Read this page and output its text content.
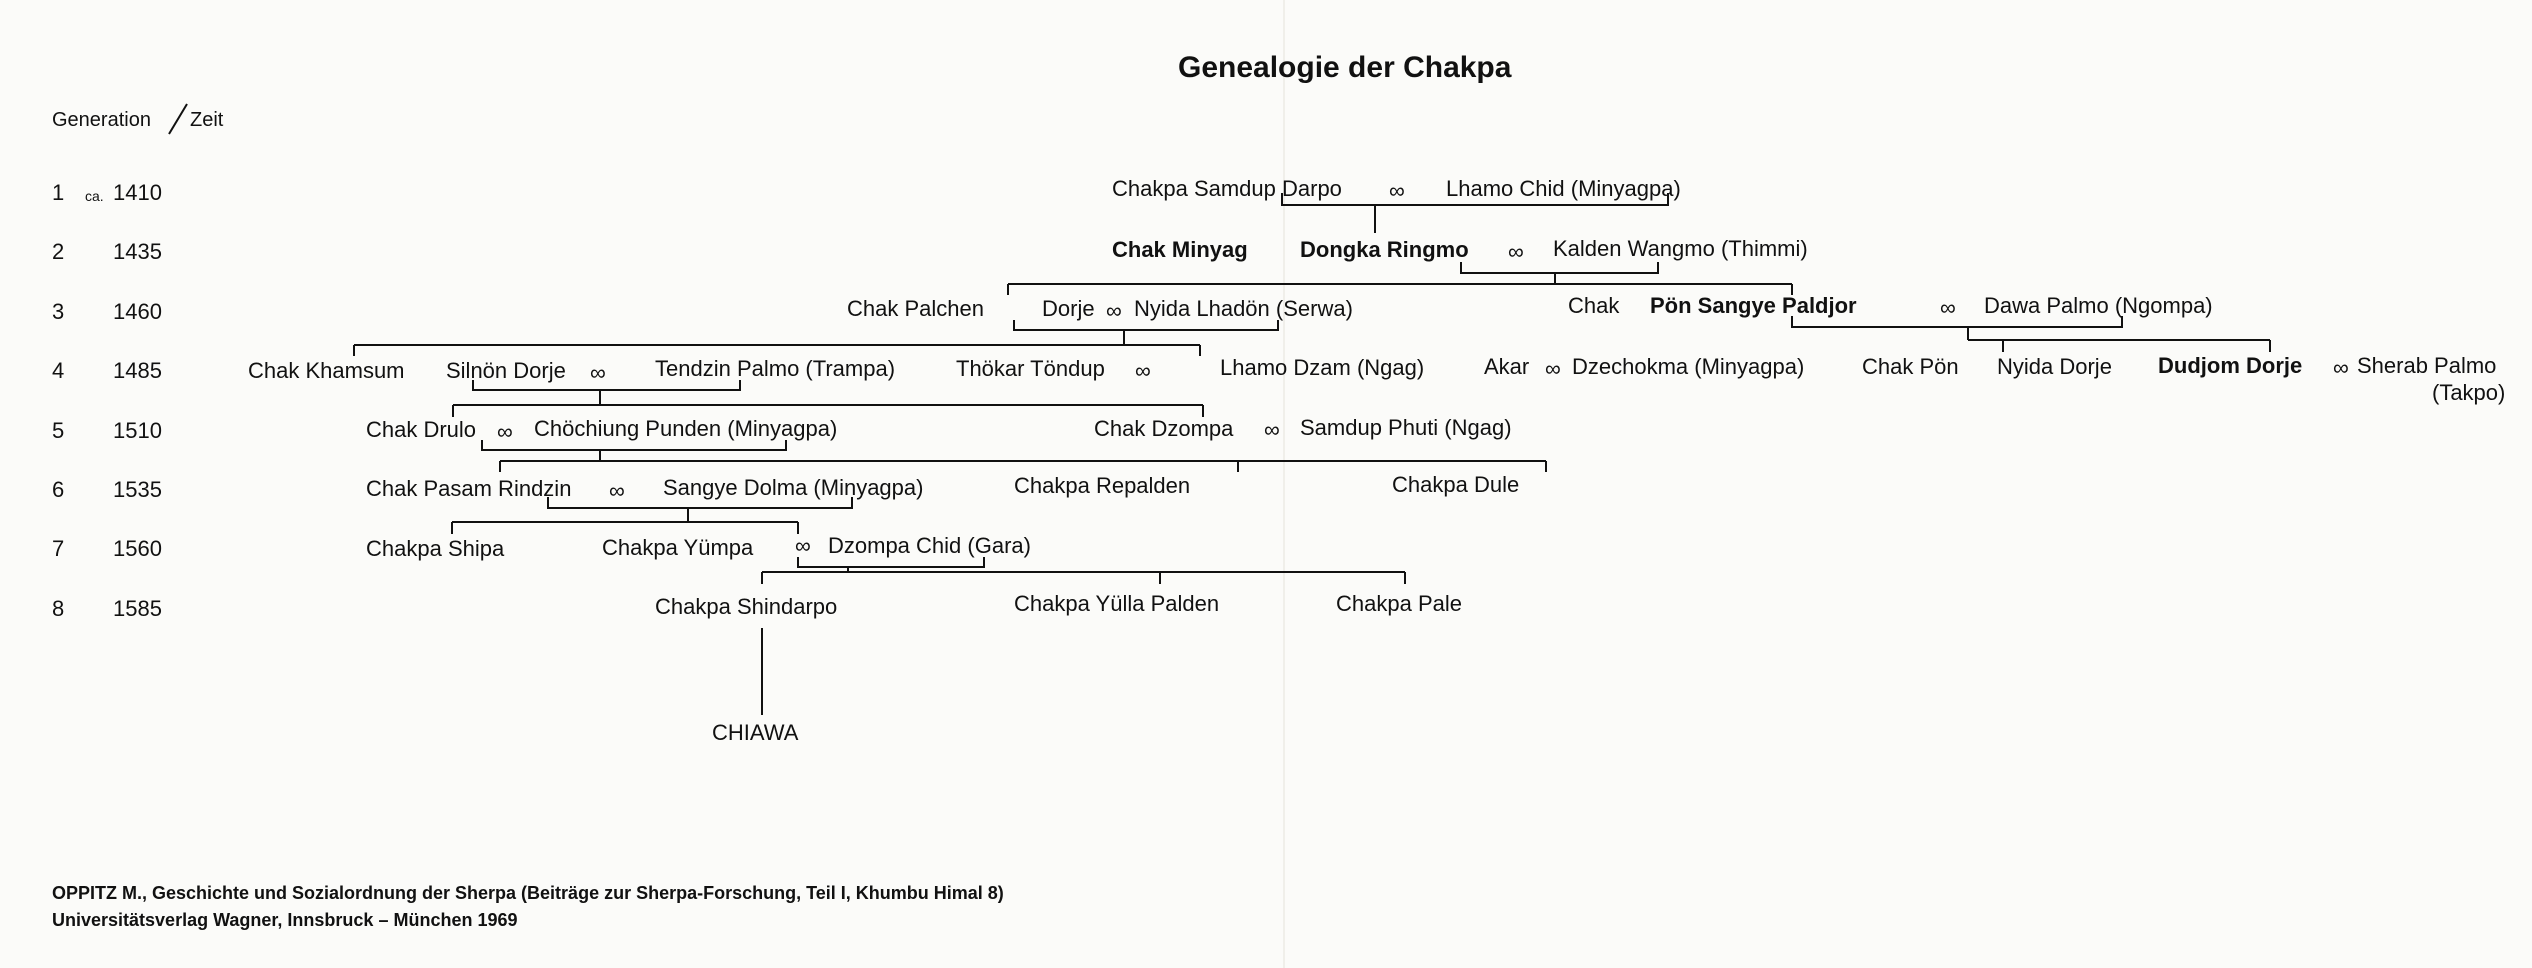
Genealogie der Chakpa
Generation Zeit
1 ca. 1410
2 1435
3 1460
4 1485
5 1510
6 1535
7 1560
8 1585
Chakpa Samdup Darpo ∞ Lhamo Chid (Minyagpa)
Chak Minyag Dongka Ringmo ∞ Kalden Wangmo (Thimmi)
Chak Palchen	Dorje ∞ Nyida Lhadön (Serwa)	Chak Pön Sangye Paldjor	∞ Dawa Palmo (Ngompa)
Chak Khamsum Silnön Dorje ∞ Tendzin Palmo (Trampa)	Thökar Töndup ∞	Lhamo Dzam (Ngag)	Akar ∞ Dzechokma (Minyagpa)	Chak Pön Nyida Dorje Dudjom Dorje ∞ Sherab Palmo
(Takpo)
Chak Drulo ∞ Chöchiung Punden (Minyagpa)	Chak Dzompa ∞ Samdup Phuti (Ngag)
Chak Pasam Rindzin ∞ Sangye Dolma (Minyagpa)	Chakpa Repalden	Chakpa Dule
Chakpa Shipa	Chakpa Yümpa ∞ Dzompa Chid (Gara)
Chakpa Shindarpo	Chakpa Yülla Palden	Chakpa Pale
CHIAWA
OPPITZ M., Geschichte und Sozialordnung der Sherpa (Beiträge zur Sherpa-Forschung, Teil I, Khumbu Himal 8)
Universitätsverlag Wagner, Innsbruck – München 1969
